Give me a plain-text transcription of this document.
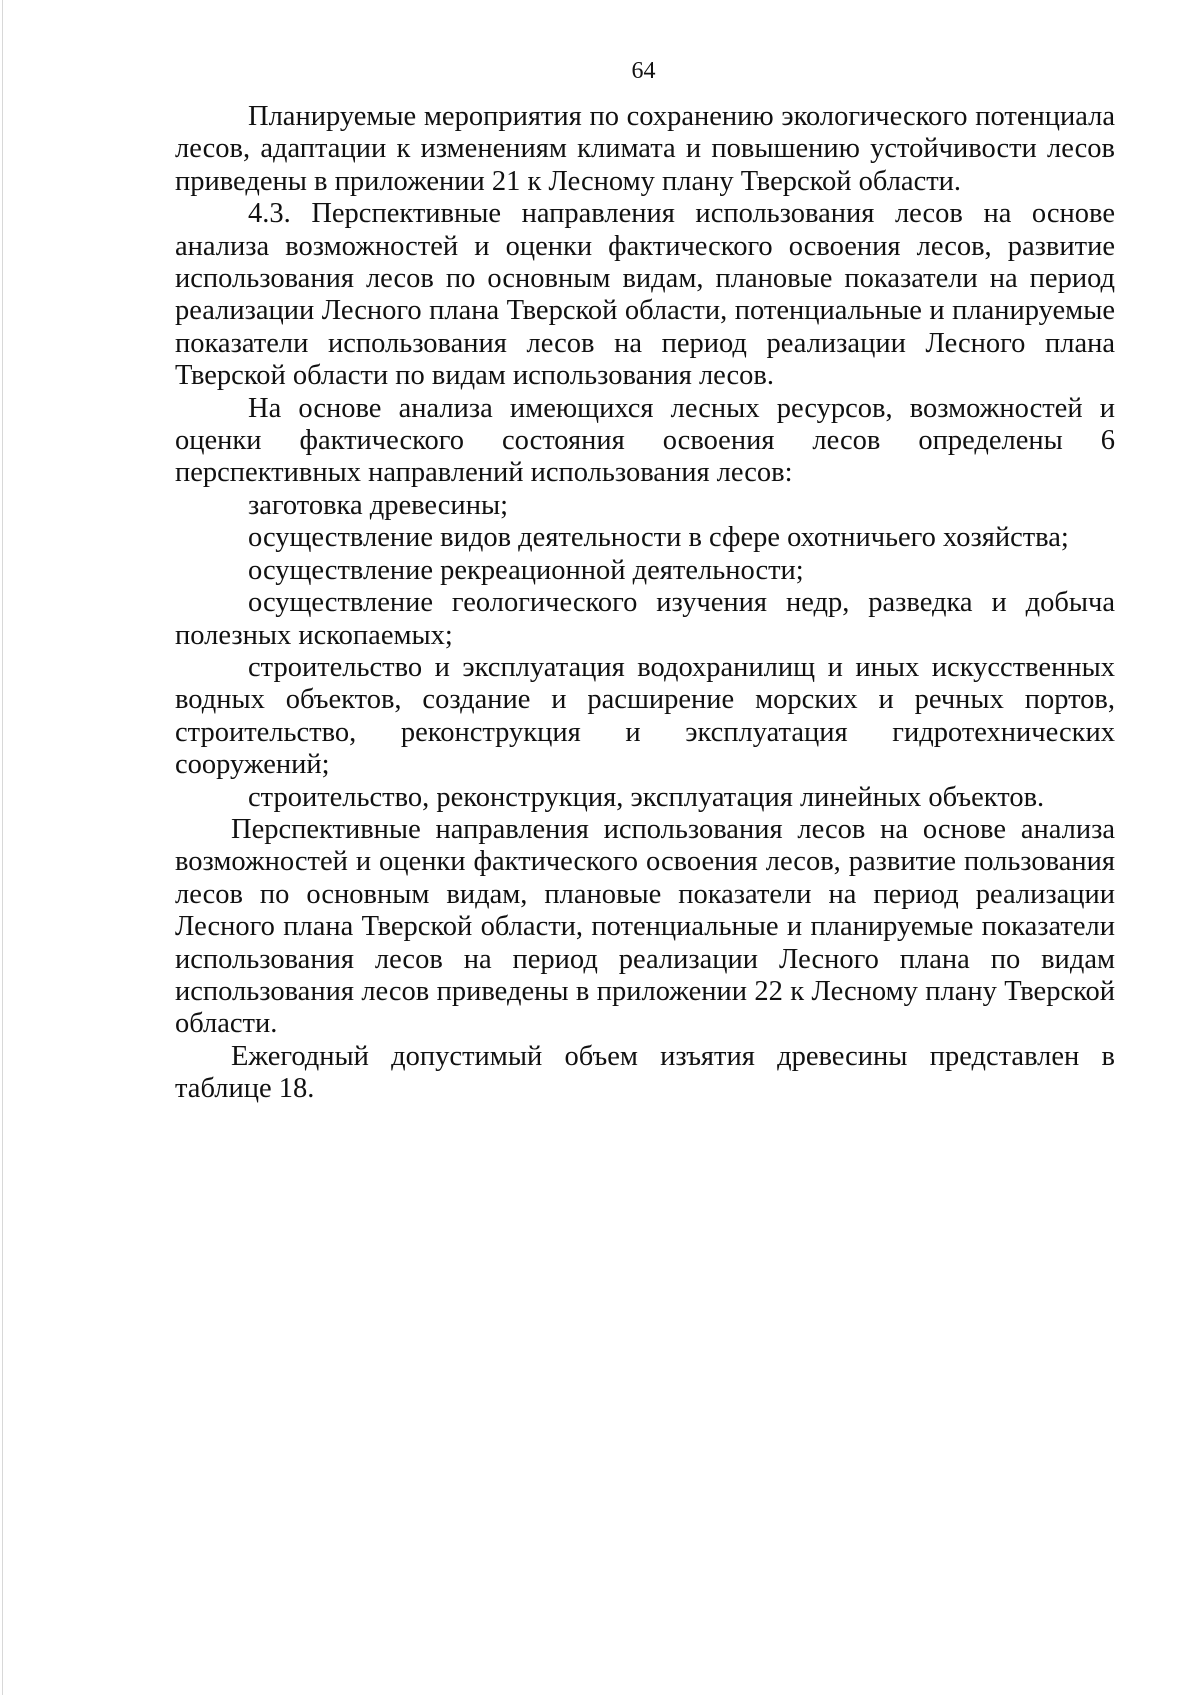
64

Планируемые мероприятия по сохранению экологического потенциала лесов, адаптации к изменениям климата и повышению устойчивости лесов приведены в приложении 21 к Лесному плану Тверской области.

4.3. Перспективные направления использования лесов на основе анализа возможностей и оценки фактического освоения лесов, развитие использования лесов по основным видам, плановые показатели на период реализации Лесного плана Тверской области, потенциальные и планируемые показатели использования лесов на период реализации Лесного плана Тверской области по видам использования лесов.

На основе анализа имеющихся лесных ресурсов, возможностей и оценки фактического состояния освоения лесов определены 6 перспективных направлений использования лесов:

заготовка древесины;

осуществление видов деятельности в сфере охотничьего хозяйства;

осуществление рекреационной деятельности;

осуществление геологического изучения недр, разведка и добыча полезных ископаемых;

строительство и эксплуатация водохранилищ и иных искусственных водных объектов, создание и расширение морских и речных портов, строительство, реконструкция и эксплуатация гидротехнических сооружений;

строительство, реконструкция, эксплуатация линейных объектов.

Перспективные направления использования лесов на основе анализа возможностей и оценки фактического освоения лесов, развитие пользования лесов по основным видам, плановые показатели на период реализации Лесного плана Тверской области, потенциальные и планируемые показатели использования лесов на период реализации Лесного плана по видам использования лесов приведены в приложении 22 к Лесному плану Тверской области.

Ежегодный допустимый объем изъятия древесины представлен в таблице 18.
